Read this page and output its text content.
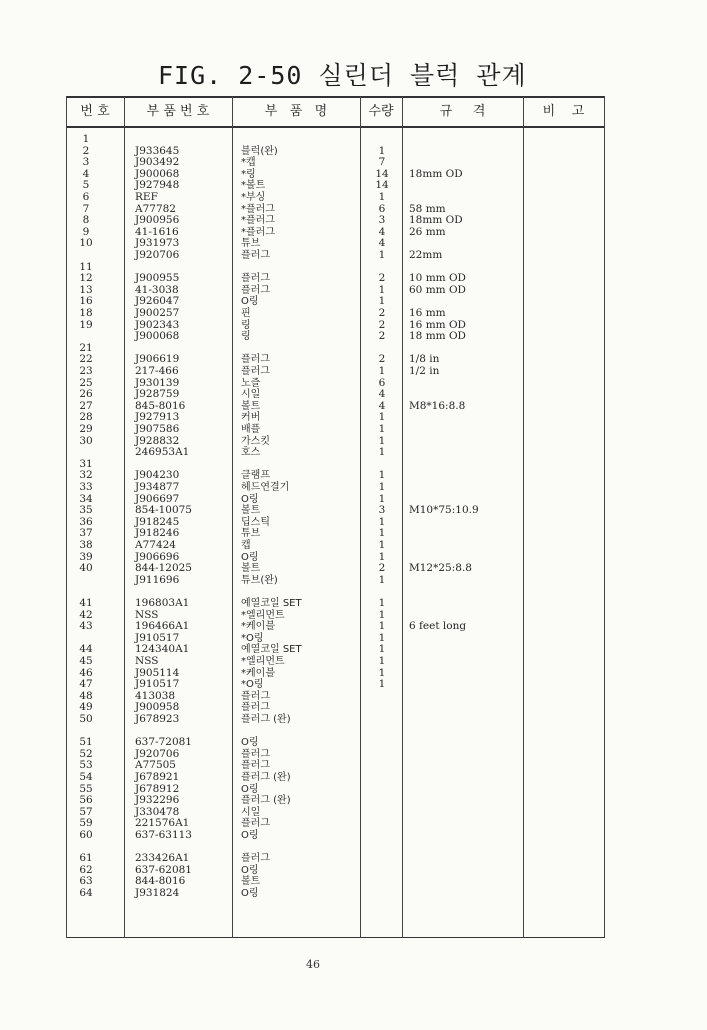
FIG. 2-50 실린더 블럭 관계
번 호	부 품 번 호	부   품   명	수량	규     격	비    고
1
2	J933645	블럭(완)	1
3	J903492	*캡	7
4	J900068	*링	14	18mm OD
5	J927948	*볼트	14
6	REF	*부싱	1
7	A77782	*플러그	6	58 mm
8	J900956	*플러그	3	18mm OD
9	41-1616	*플러그	4	26 mm
10	J931973	튜브	4
J920706	플러그	1	22mm
11
12	J900955	플러그	2	10 mm OD
13	41-3038	플러그	1	60 mm OD
16	J926047	O링	1
18	J900257	핀	2	16 mm
19	J902343	링	2	16 mm OD
J900068	링	2	18 mm OD
21
22	J906619	플러그	2	1/8 in
23	217-466	플러그	1	1/2 in
25	J930139	노즐	6
26	J928759	시일	4
27	845-8016	볼트	4	M8*16:8.8
28	J927913	커버	1
29	J907586	배플	1
30	J928832	가스킷	1
246953A1	호스	1
31
32	J904230	클램프	1
33	J934877	헤드연결기	1
34	J906697	O링	1
35	854-10075	볼트	3	M10*75:10.9
36	J918245	딥스틱	1
37	J918246	튜브	1
38	A77424	캡	1
39	J906696	O링	1
40	844-12025	볼트	2	M12*25:8.8
J911696	튜브(완)	1
41	196803A1	예열코일 SET	1
42	NSS	*엘리먼트	1
43	196466A1	*케이블	1	6 feet long
J910517	*O링	1
44	124340A1	예열코일 SET	1
45	NSS	*엘리먼트	1
46	J905114	*케이블	1
47	J910517	*O링	1
48	413038	플러그
49	J900958	플러그
50	J678923	플러그 (완)
51	637-72081	O링
52	J920706	플러그
53	A77505	플러그
54	J678921	플러그 (완)
55	J678912	O링
56	J932296	플러그 (완)
57	J330478	시일
59	221576A1	플러그
60	637-63113	O링
61	233426A1	플러그
62	637-62081	O링
63	844-8016	볼트
64	J931824	O링
46
